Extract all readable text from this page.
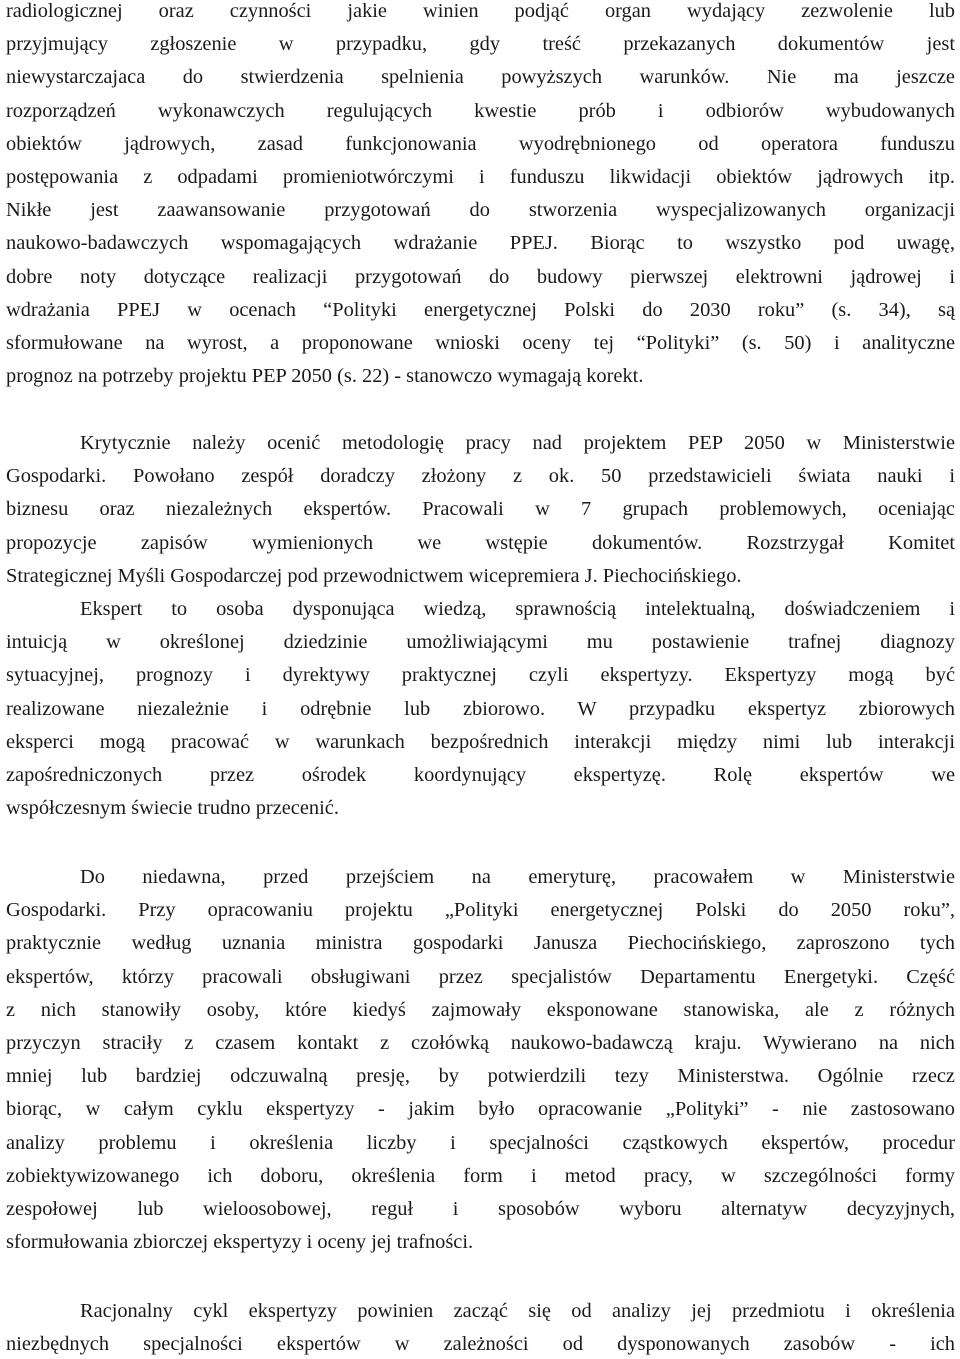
radiologicznej oraz czynności jakie winien podjąć organ wydający zezwolenie lub
przyjmujący zgłoszenie w przypadku, gdy treść przekazanych dokumentów jest
niewystarczajaca do stwierdzenia spelnienia powyższych warunków. Nie ma jeszcze
rozporządzeń wykonawczych regulujących kwestie prób i odbiorów wybudowanych
obiektów jądrowych, zasad funkcjonowania wyodrębnionego od operatora funduszu
postępowania z odpadami promieniotwórczymi i funduszu likwidacji obiektów jądrowych itp.
Nikłe jest zaawansowanie przygotowań do stworzenia wyspecjalizowanych organizacji
naukowo-badawczych wspomagających wdrażanie PPEJ. Biorąc to wszystko pod uwagę,
dobre noty dotyczące realizacji przygotowań do budowy pierwszej elektrowni jądrowej i
wdrażania PPEJ w ocenach “Polityki energetycznej Polski do 2030 roku” (s. 34), są
sformułowane na wyrost, a proponowane wnioski oceny tej “Polityki” (s. 50) i analityczne
prognoz na potrzeby projektu PEP 2050 (s. 22) - stanowczo wymagają korekt.
Krytycznie należy ocenić metodologię pracy nad projektem PEP 2050 w Ministerstwie
Gospodarki. Powołano zespół doradczy złożony z ok. 50 przedstawicieli świata nauki i
biznesu oraz niezależnych ekspertów. Pracowali w 7 grupach problemowych, oceniając
propozycje zapisów wymienionych we wstępie dokumentów. Rozstrzygał Komitet
Strategicznej Myśli Gospodarczej pod przewodnictwem wicepremiera J. Piechocińskiego.
Ekspert to osoba dysponująca wiedzą, sprawnością intelektualną, doświadczeniem i
intuicją w określonej dziedzinie umożliwiającymi mu postawienie trafnej diagnozy
sytuacyjnej, prognozy i dyrektywy praktycznej czyli ekspertyzy. Ekspertyzy mogą być
realizowane niezależnie i odrębnie lub zbiorowo. W przypadku ekspertyz zbiorowych
eksperci mogą pracować w warunkach bezpośrednich interakcji między nimi lub interakcji
zapośredniczonych przez ośrodek koordynujący ekspertyzę. Rolę ekspertów we
współczesnym świecie trudno przecenić.
Do niedawna, przed przejściem na emeryturę, pracowałem w Ministerstwie
Gospodarki. Przy opracowaniu projektu „Polityki energetycznej Polski do 2050 roku”,
praktycznie według uznania ministra gospodarki Janusza Piechocińskiego, zaproszono tych
ekspertów, którzy pracowali obsługiwani przez specjalistów Departamentu Energetyki. Część
z nich stanowiły osoby, które kiedyś zajmowały eksponowane stanowiska, ale z różnych
przyczyn straciły z czasem kontakt z czołówką naukowo-badawczą kraju. Wywierano na nich
mniej lub bardziej odczuwalną presję, by potwierdzili tezy Ministerstwa. Ogólnie rzecz
biorąc, w całym cyklu ekspertyzy - jakim było opracowanie „Polityki” - nie zastosowano
analizy problemu i określenia liczby i specjalności cząstkowych ekspertów, procedur
zobiektywizowanego ich doboru, określenia form i metod pracy, w szczególności formy
zespołowej lub wieloosobowej, reguł i sposobów wyboru alternatyw decyzyjnych,
sformułowania zbiorczej ekspertyzy i oceny jej trafności.
Racjonalny cykl ekspertyzy powinien zacząć się od analizy jej przedmiotu i określenia
niezbędnych specjalności ekspertów w zależności od dysponowanych zasobów - ich
